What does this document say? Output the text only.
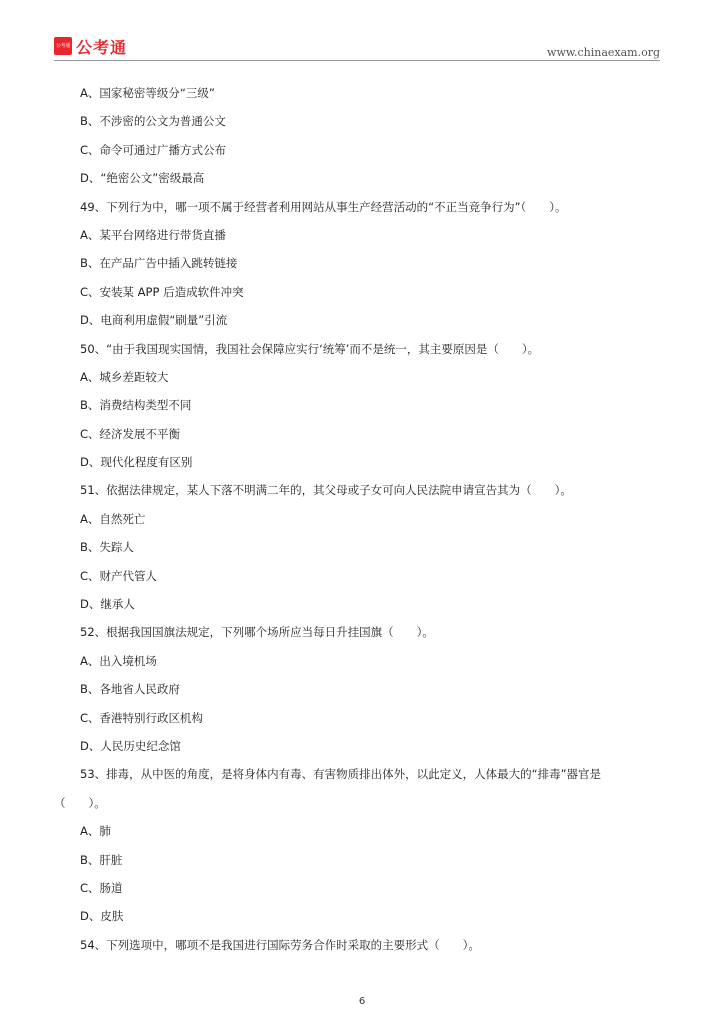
公考通 公考通	www.chinaexam.org
A、国家秘密等级分“三级”
B、不涉密的公文为普通公文
C、命令可通过广播方式公布
D、“绝密公文”密级最高
49、下列行为中，哪一项不属于经营者利用网站从事生产经营活动的“不正当竞争行为”（　　）。
A、某平台网络进行带货直播
B、在产品广告中插入跳转链接
C、安装某 APP 后造成软件冲突
D、电商利用虚假“刷量”引流
50、“由于我国现实国情，我国社会保障应实行‘统筹’而不是统一，其主要原因是（　　）。
A、城乡差距较大
B、消费结构类型不同
C、经济发展不平衡
D、现代化程度有区别
51、依据法律规定，某人下落不明满二年的，其父母或子女可向人民法院申请宣告其为（　　）。
A、自然死亡
B、失踪人
C、财产代管人
D、继承人
52、根据我国国旗法规定，下列哪个场所应当每日升挂国旗（　　）。
A、出入境机场
B、各地省人民政府
C、香港特别行政区机构
D、人民历史纪念馆
53、排毒，从中医的角度，是将身体内有毒、有害物质排出体外，以此定义，人体最大的“排毒”器官是
（　　）。
A、肺
B、肝脏
C、肠道
D、皮肤
54、下列选项中，哪项不是我国进行国际劳务合作时采取的主要形式（　　）。
6
